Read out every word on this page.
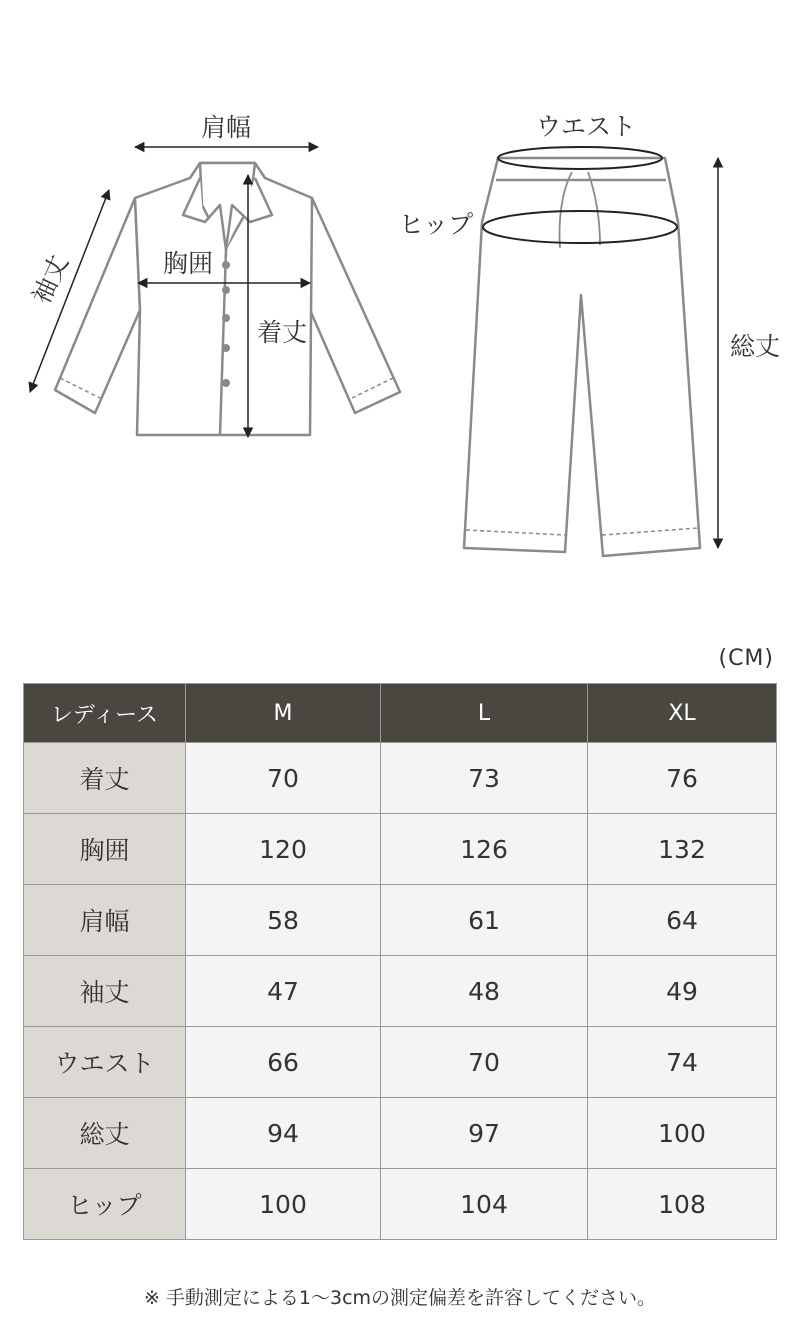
肩幅
袖丈	胸囲
着丈
ウエスト
ヒップ
総丈
(CM)
レディース	M	L	XL
着丈	70	73	76
胸囲	120	126	132
肩幅	58	61	64
袖丈	47	48	49
ウエスト	66	70	74
総丈	94	97	100
ヒップ	100	104	108
※ 手動測定による1〜3cmの測定偏差を許容してください。
